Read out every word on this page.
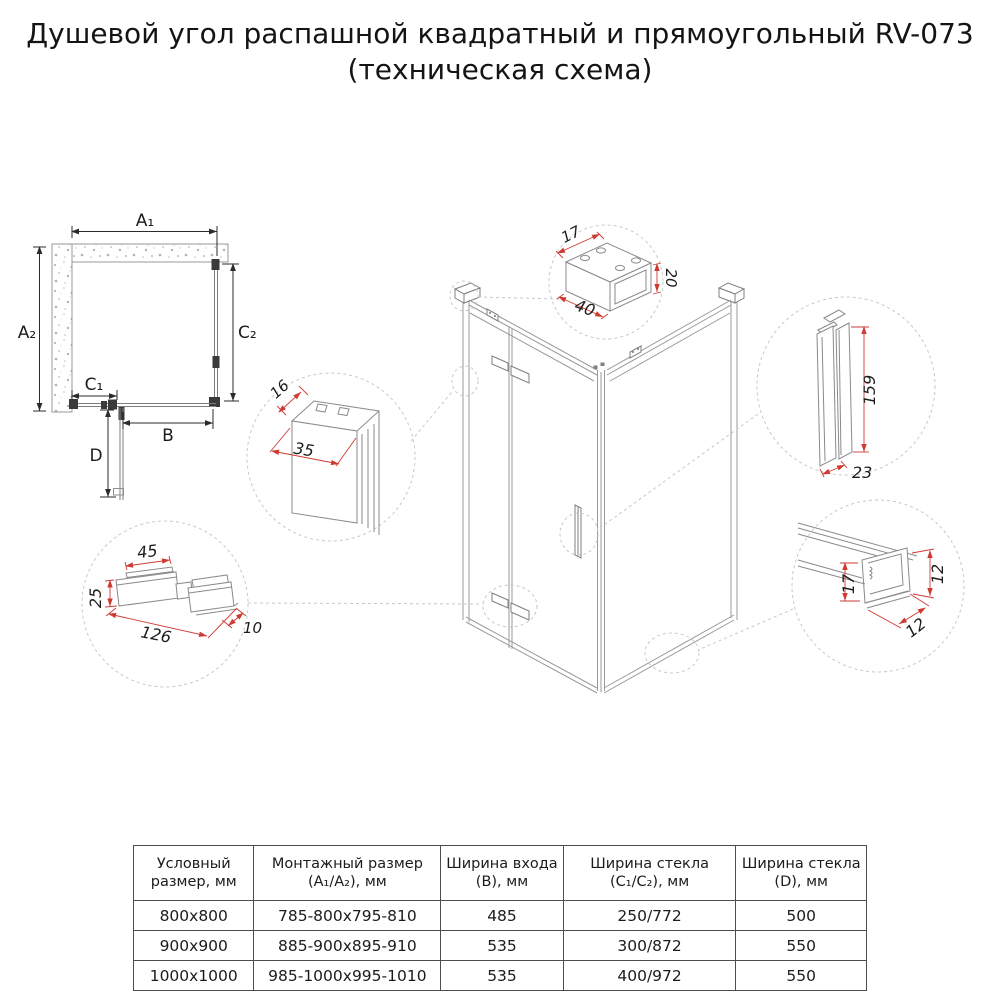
Душевой угол распашной квадратный и прямоугольный RV-073
(техническая схема)
A₁
A₂	C₂
C₁
B
D
16
35
45
25
126	10
17
40
20
159
23
17	12
12
Условный размер, мм	Монтажный размер (A₁/A₂), мм	Ширина входа (B), мм	Ширина стекла (C₁/C₂), мм	Ширина стекла (D), мм
800x800	785-800x795-810	485	250/772	500
900x900	885-900x895-910	535	300/872	550
1000x1000	985-1000x995-1010	535	400/972	550
